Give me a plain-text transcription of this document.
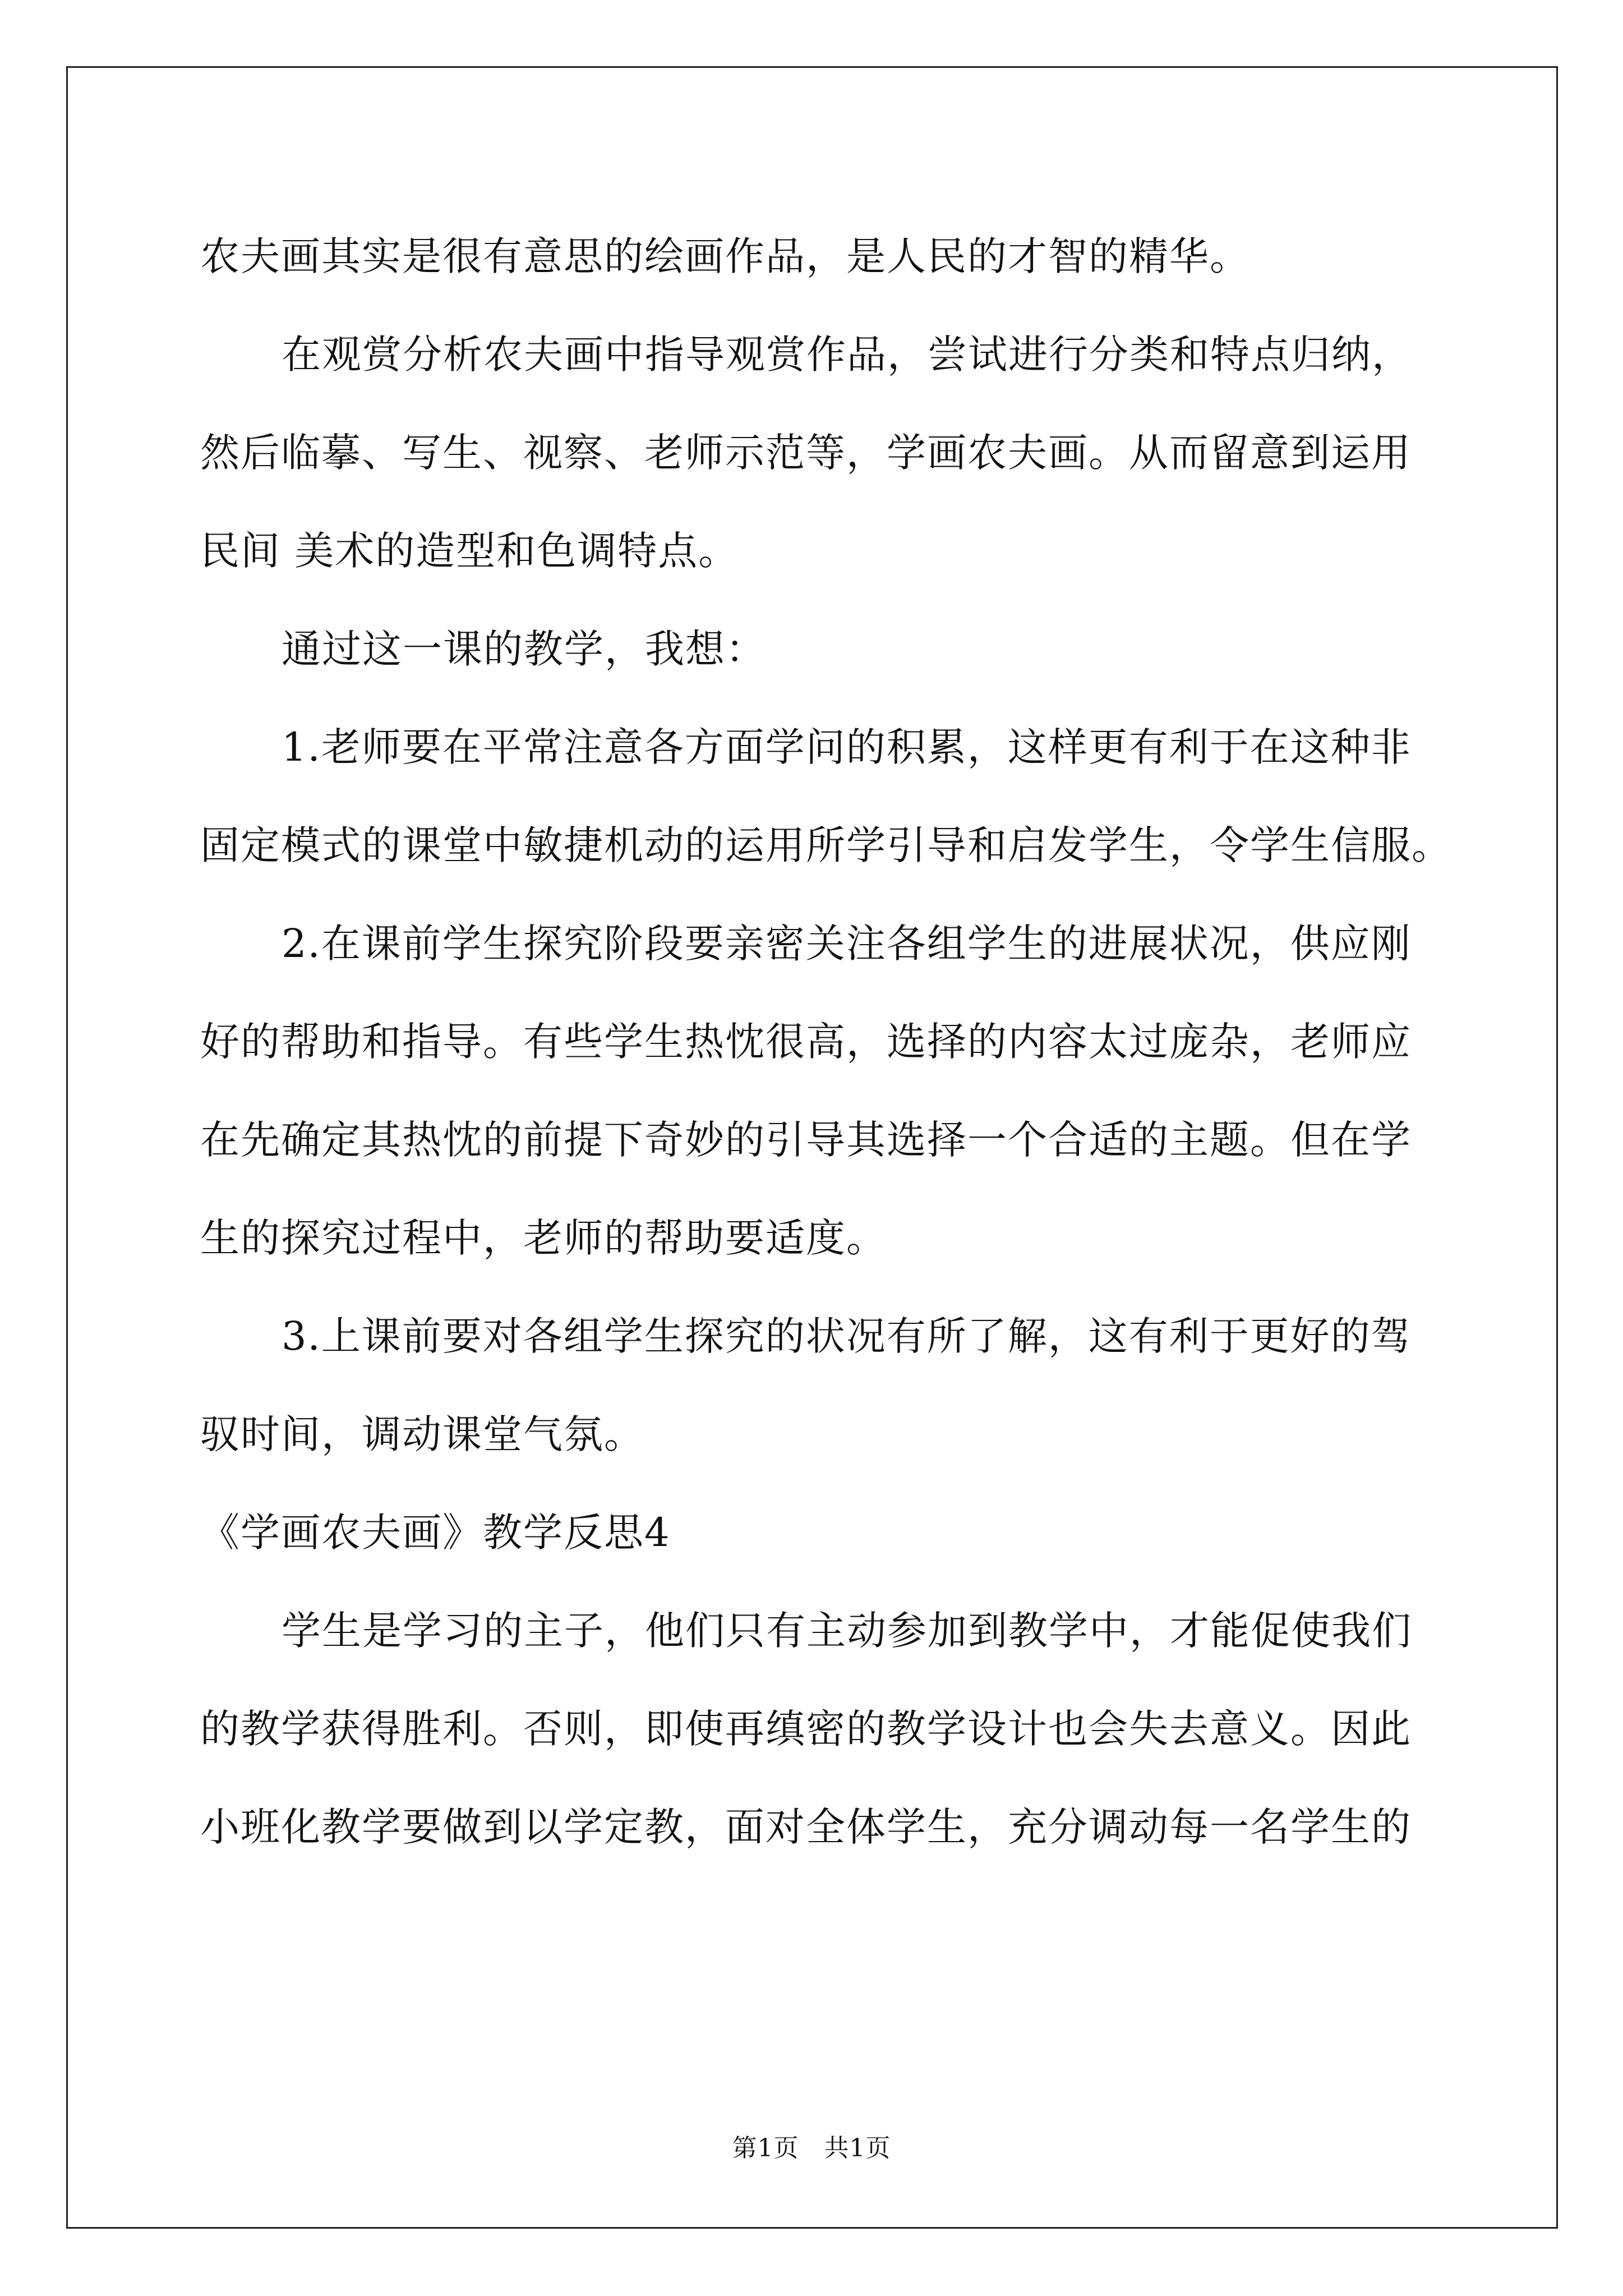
农夫画其实是很有意思的绘画作品，是人民的才智的精华。
在观赏分析农夫画中指导观赏作品，尝试进行分类和特点归纳，
然后临摹、写生、视察、老师示范等，学画农夫画。从而留意到运用
民间 美术的造型和色调特点。
通过这一课的教学，我想：
1.老师要在平常注意各方面学问的积累，这样更有利于在这种非
固定模式的课堂中敏捷机动的运用所学引导和启发学生，令学生信服。
2.在课前学生探究阶段要亲密关注各组学生的进展状况，供应刚
好的帮助和指导。有些学生热忱很高，选择的内容太过庞杂，老师应
在先确定其热忱的前提下奇妙的引导其选择一个合适的主题。但在学
生的探究过程中，老师的帮助要适度。
3.上课前要对各组学生探究的状况有所了解，这有利于更好的驾
驭时间，调动课堂气氛。
《学画农夫画》教学反思4
学生是学习的主子，他们只有主动参加到教学中，才能促使我们
的教学获得胜利。否则，即使再缜密的教学设计也会失去意义。因此
小班化教学要做到以学定教，面对全体学生，充分调动每一名学生的
第1页　共1页
